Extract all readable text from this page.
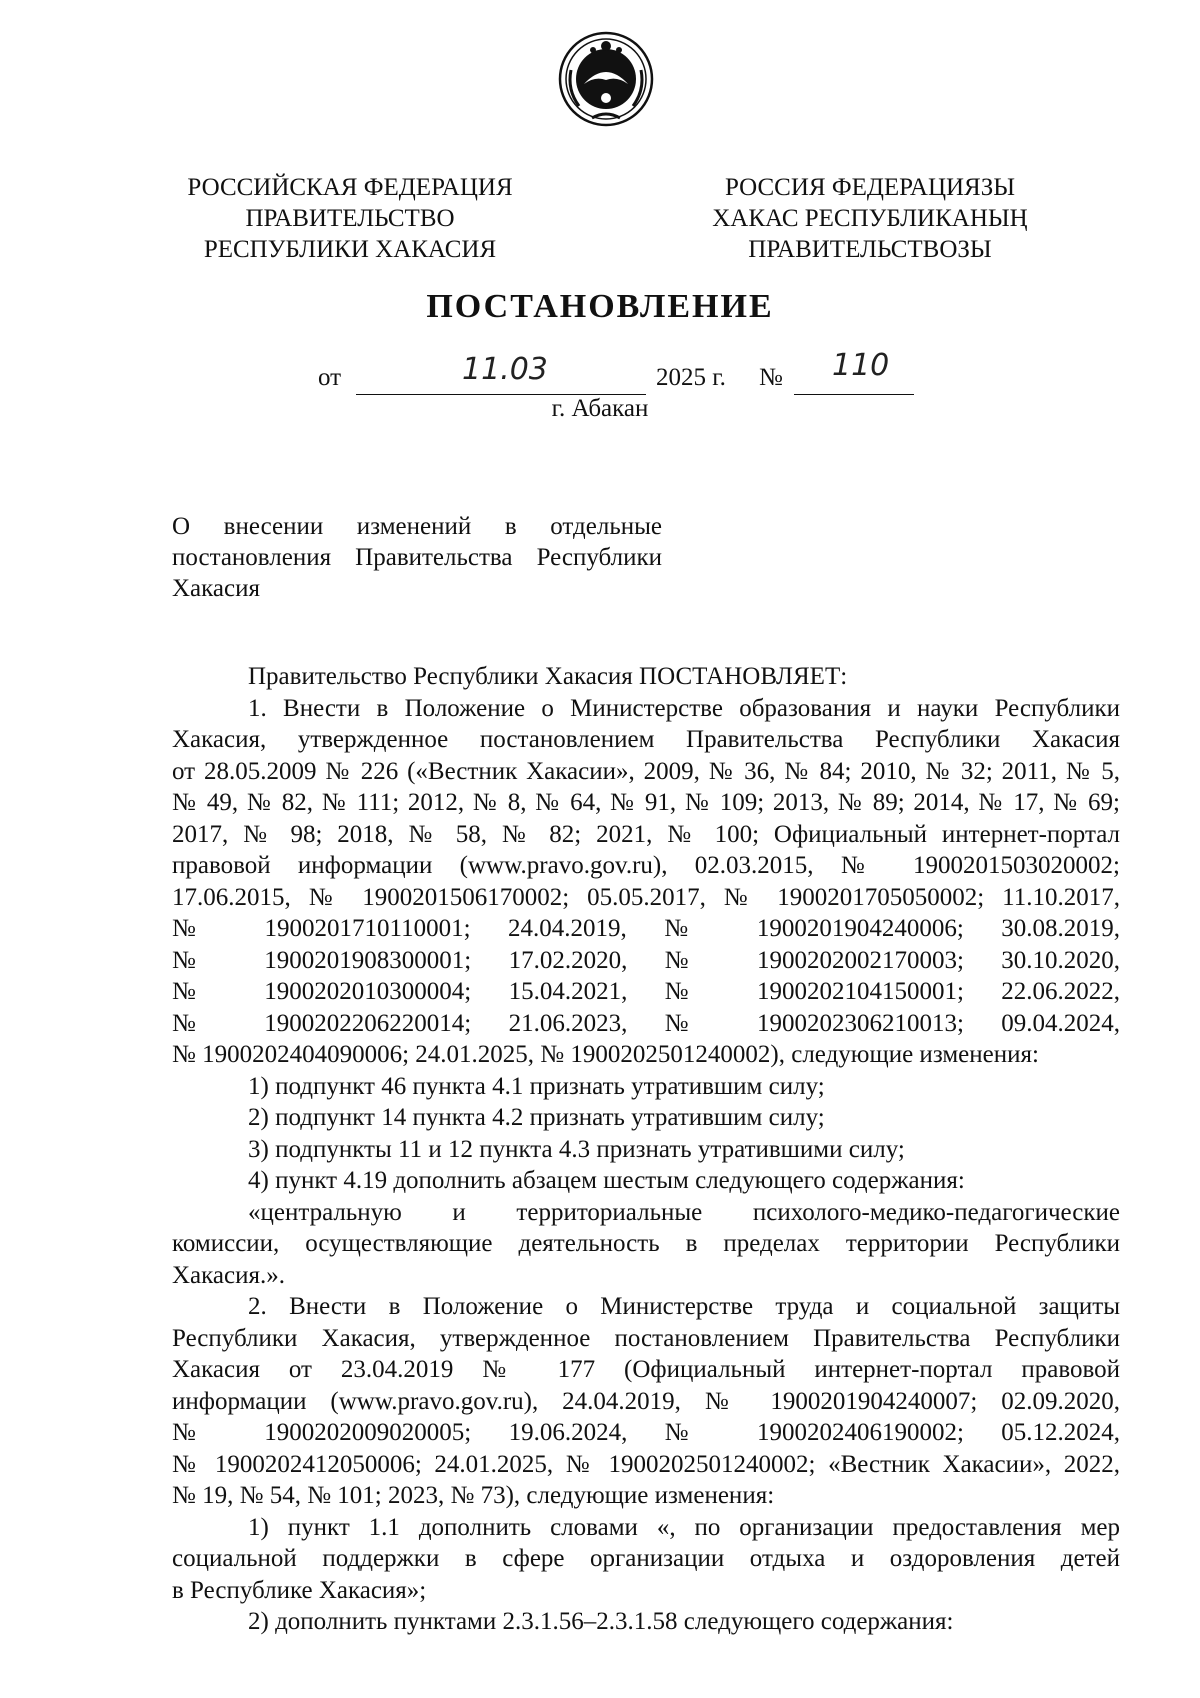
РОССИЙСКАЯ ФЕДЕРАЦИЯ
ПРАВИТЕЛЬСТВО
РЕСПУБЛИКИ ХАКАСИЯ
РОССИЯ ФЕДЕРАЦИЯЗЫ
ХАКАС РЕСПУБЛИКАНЫҢ
ПРАВИТЕЛЬСТВОЗЫ
ПОСТАНОВЛЕНИЕ
от	11.03	2025 г. № 110
г. Абакан
О внесении изменений в отдельные
постановления Правительства Республики
Хакасия
Правительство Республики Хакасия ПОСТАНОВЛЯЕТ:
1. Внести в Положение о Министерстве образования и науки Республики
Хакасия, утвержденное постановлением Правительства Республики Хакасия
от 28.05.2009 № 226 («Вестник Хакасии», 2009, № 36, № 84; 2010, № 32; 2011, № 5,
№ 49, № 82, № 111; 2012, № 8, № 64, № 91, № 109; 2013, № 89; 2014, № 17, № 69;
2017, № 98; 2018, № 58, № 82; 2021, № 100; Официальный интернет-портал
правовой информации (www.pravo.gov.ru), 02.03.2015, № 1900201503020002;
17.06.2015, № 1900201506170002; 05.05.2017, № 1900201705050002; 11.10.2017,
№ 1900201710110001; 24.04.2019, № 1900201904240006; 30.08.2019,
№ 1900201908300001; 17.02.2020, № 1900202002170003; 30.10.2020,
№ 1900202010300004; 15.04.2021, № 1900202104150001; 22.06.2022,
№ 1900202206220014; 21.06.2023, № 1900202306210013; 09.04.2024,
№ 1900202404090006; 24.01.2025, № 1900202501240002), следующие изменения:
1) подпункт 46 пункта 4.1 признать утратившим силу;
2) подпункт 14 пункта 4.2 признать утратившим силу;
3) подпункты 11 и 12 пункта 4.3 признать утратившими силу;
4) пункт 4.19 дополнить абзацем шестым следующего содержания:
«центральную и территориальные психолого-медико-педагогические
комиссии, осуществляющие деятельность в пределах территории Республики
Хакасия.».
2. Внести в Положение о Министерстве труда и социальной защиты
Республики Хакасия, утвержденное постановлением Правительства Республики
Хакасия от 23.04.2019 № 177 (Официальный интернет-портал правовой
информации (www.pravo.gov.ru), 24.04.2019, № 1900201904240007; 02.09.2020,
№ 1900202009020005; 19.06.2024, № 1900202406190002; 05.12.2024,
№ 1900202412050006; 24.01.2025, № 1900202501240002; «Вестник Хакасии», 2022,
№ 19, № 54, № 101; 2023, № 73), следующие изменения:
1) пункт 1.1 дополнить словами «, по организации предоставления мер
социальной поддержки в сфере организации отдыха и оздоровления детей
в Республике Хакасия»;
2) дополнить пунктами 2.3.1.56–2.3.1.58 следующего содержания:
